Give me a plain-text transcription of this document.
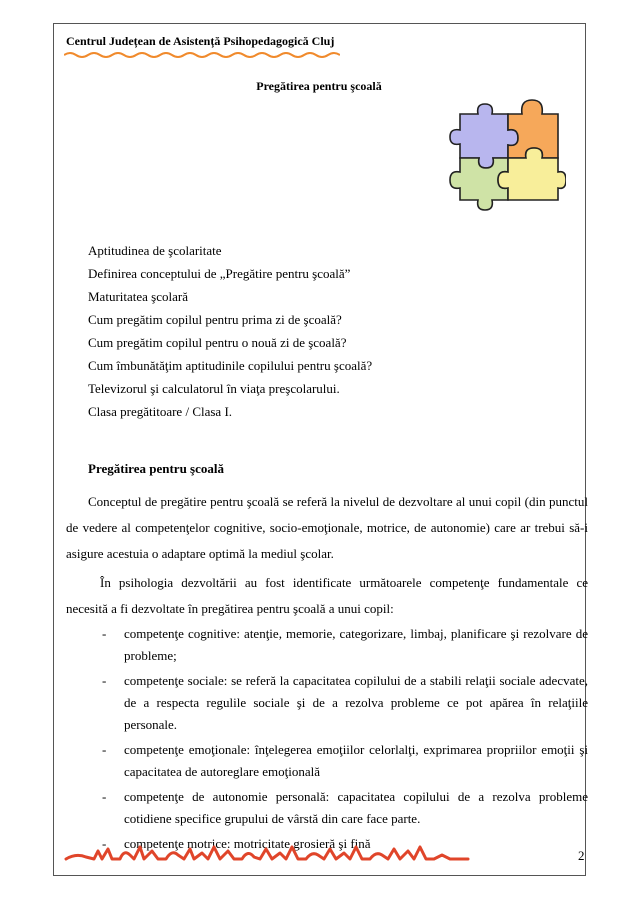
Centrul Județean de Asistență Psihopedagogică Cluj
Pregătirea pentru şcoală
Aptitudinea de şcolaritate
Definirea conceptului de „Pregătire pentru şcoală”
Maturitatea şcolară
Cum pregătim copilul pentru prima zi de şcoală?
Cum pregătim copilul pentru o nouă zi de şcoală?
Cum îmbunătăţim aptitudinile copilului pentru şcoală?
Televizorul şi calculatorul în viaţa preşcolarului.
Clasa pregătitoare / Clasa I.
Pregătirea pentru şcoală

Conceptul de pregătire pentru şcoală se referă la nivelul de dezvoltare al unui copil (din punctul de vedere al competenţelor cognitive, socio-emoţionale, motrice, de autonomie) care ar trebui să-i asigure acestuia o adaptare optimă la mediul şcolar.

În psihologia dezvoltării au fost identificate următoarele competenţe fundamentale ce necesită a fi dezvoltate în pregătirea pentru şcoală a unui copil:

- competenţe cognitive: atenţie, memorie, categorizare, limbaj, planificare şi rezolvare de probleme;
- competenţe sociale: se referă la capacitatea copilului de a stabili relaţii sociale adecvate, de a respecta regulile sociale şi de a rezolva probleme ce pot apărea în relaţiile personale.
- competenţe emoţionale: înţelegerea emoţiilor celorlalţi, exprimarea propriilor emoţii şi capacitatea de autoreglare emoţională
- competenţe de autonomie personală: capacitatea copilului de a rezolva probleme cotidiene specifice grupului de vârstă din care face parte.
- competenţe motrice: motricitate grosieră şi fină
2
